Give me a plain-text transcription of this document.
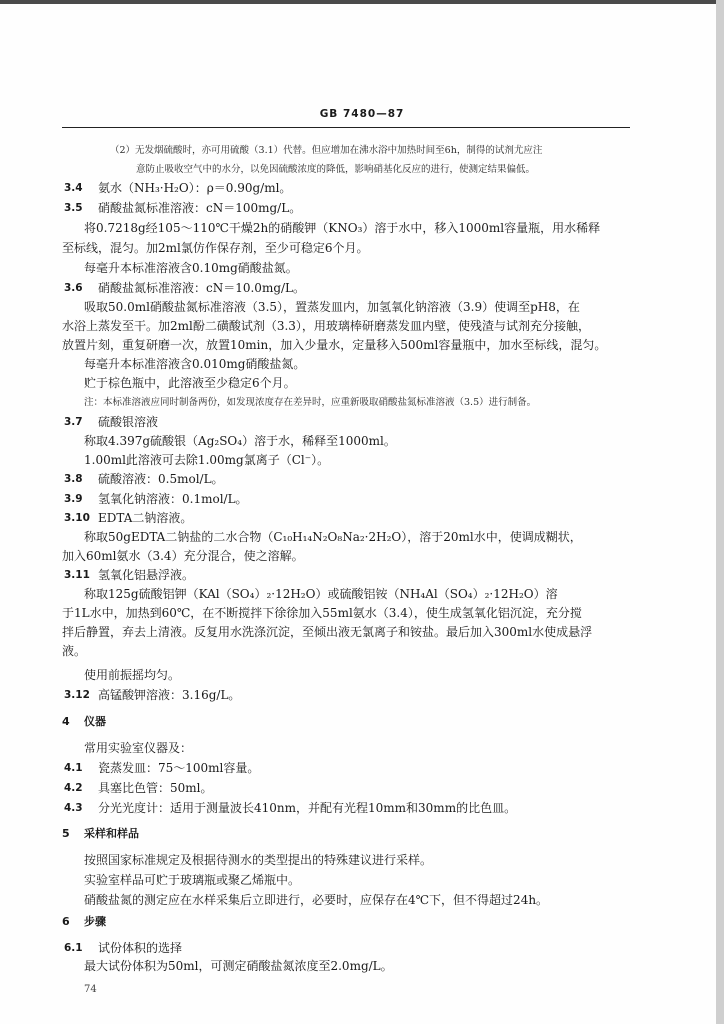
GB 7480—87
（2）无发烟硫酸时，亦可用硫酸（3.1）代替。但应增加在沸水浴中加热时间至6h，制得的试剂尤应注
意防止吸收空气中的水分，以免因硫酸浓度的降低，影响硝基化反应的进行，使测定结果偏低。
3.4 氨水（NH₃·H₂O）：ρ＝0.90g/ml。
3.5 硝酸盐氮标准溶液：cN＝100mg/L。
将0.7218g经105～110℃干燥2h的硝酸钾（KNO₃）溶于水中，移入1000ml容量瓶，用水稀释
至标线，混匀。加2ml氯仿作保存剂，至少可稳定6个月。
每毫升本标准溶液含0.10mg硝酸盐氮。
3.6 硝酸盐氮标准溶液：cN＝10.0mg/L。
吸取50.0ml硝酸盐氮标准溶液（3.5），置蒸发皿内，加氢氧化钠溶液（3.9）使调至pH8，在
水浴上蒸发至干。加2ml酚二磺酸试剂（3.3），用玻璃棒研磨蒸发皿内壁，使残渣与试剂充分接触，
放置片刻，重复研磨一次，放置10min，加入少量水，定量移入500ml容量瓶中，加水至标线，混匀。
每毫升本标准溶液含0.010mg硝酸盐氮。
贮于棕色瓶中，此溶液至少稳定6个月。
注：本标准溶液应同时制备两份，如发现浓度存在差异时，应重新吸取硝酸盐氮标准溶液（3.5）进行制备。
3.7 硫酸银溶液
称取4.397g硫酸银（Ag₂SO₄）溶于水，稀释至1000ml。
1.00ml此溶液可去除1.00mg氯离子（Cl⁻）。
3.8 硫酸溶液：0.5mol/L。
3.9 氢氧化钠溶液：0.1mol/L。
3.10 EDTA二钠溶液。
称取50gEDTA二钠盐的二水合物（C₁₀H₁₄N₂O₈Na₂·2H₂O），溶于20ml水中，使调成糊状，
加入60ml氨水（3.4）充分混合，使之溶解。
3.11 氢氧化铝悬浮液。
称取125g硫酸铝钾（KAl（SO₄）₂·12H₂O）或硫酸铝铵（NH₄Al（SO₄）₂·12H₂O）溶
于1L水中，加热到60℃，在不断搅拌下徐徐加入55ml氨水（3.4），使生成氢氧化铝沉淀，充分搅
拌后静置，弃去上清液。反复用水洗涤沉淀，至倾出液无氯离子和铵盐。最后加入300ml水使成悬浮
液。
使用前振摇均匀。
3.12 高锰酸钾溶液：3.16g/L。
4 仪器
常用实验室仪器及：
4.1 瓷蒸发皿：75～100ml容量。
4.2 具塞比色管：50ml。
4.3 分光光度计：适用于测量波长410nm，并配有光程10mm和30mm的比色皿。
5 采样和样品
按照国家标准规定及根据待测水的类型提出的特殊建议进行采样。
实验室样品可贮于玻璃瓶或聚乙烯瓶中。
硝酸盐氮的测定应在水样采集后立即进行，必要时，应保存在4℃下，但不得超过24h。
6 步骤
6.1 试份体积的选择
最大试份体积为50ml，可测定硝酸盐氮浓度至2.0mg/L。
74
